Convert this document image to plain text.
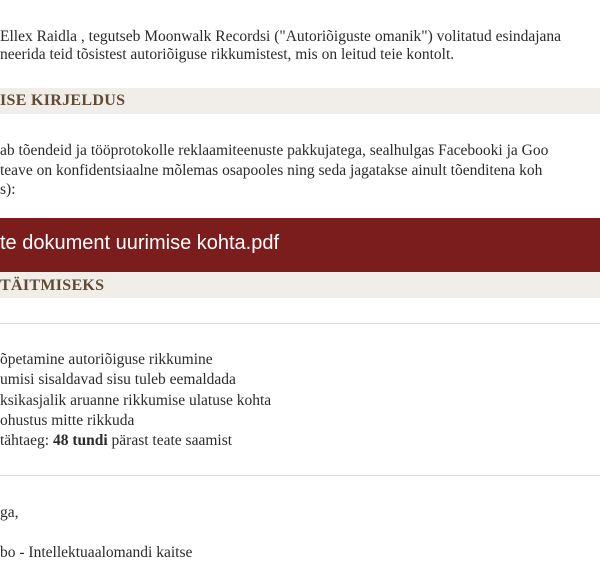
Ellex Raidla , tegutseb Moonwalk Recordsi ("Autoriõiguste omanik") volitatud esindajana
neerida teid tõsistest autoriõiguse rikkumistest, mis on leitud teie kontolt.
ISE KIRJELDUS
ab tõendeid ja tööprotokolle reklaamiteenuste pakkujatega, sealhulgas Facebooki ja Goo
teave on konfidentsiaalne mõlemas osapooles ning seda jagatakse ainult tõenditena koh
s):
te dokument uurimise kohta.pdf
TÄITMISEKS
õpetamine autoriõiguse rikkumine
umisi sisaldavad sisu tuleb eemaldada
ksikasjalik aruanne rikkumise ulatuse kohta
ohustus mitte rikkuda
tähtaeg: 48 tundi pärast teate saamist
ga,
bo - Intellektuaalomandi kaitse
